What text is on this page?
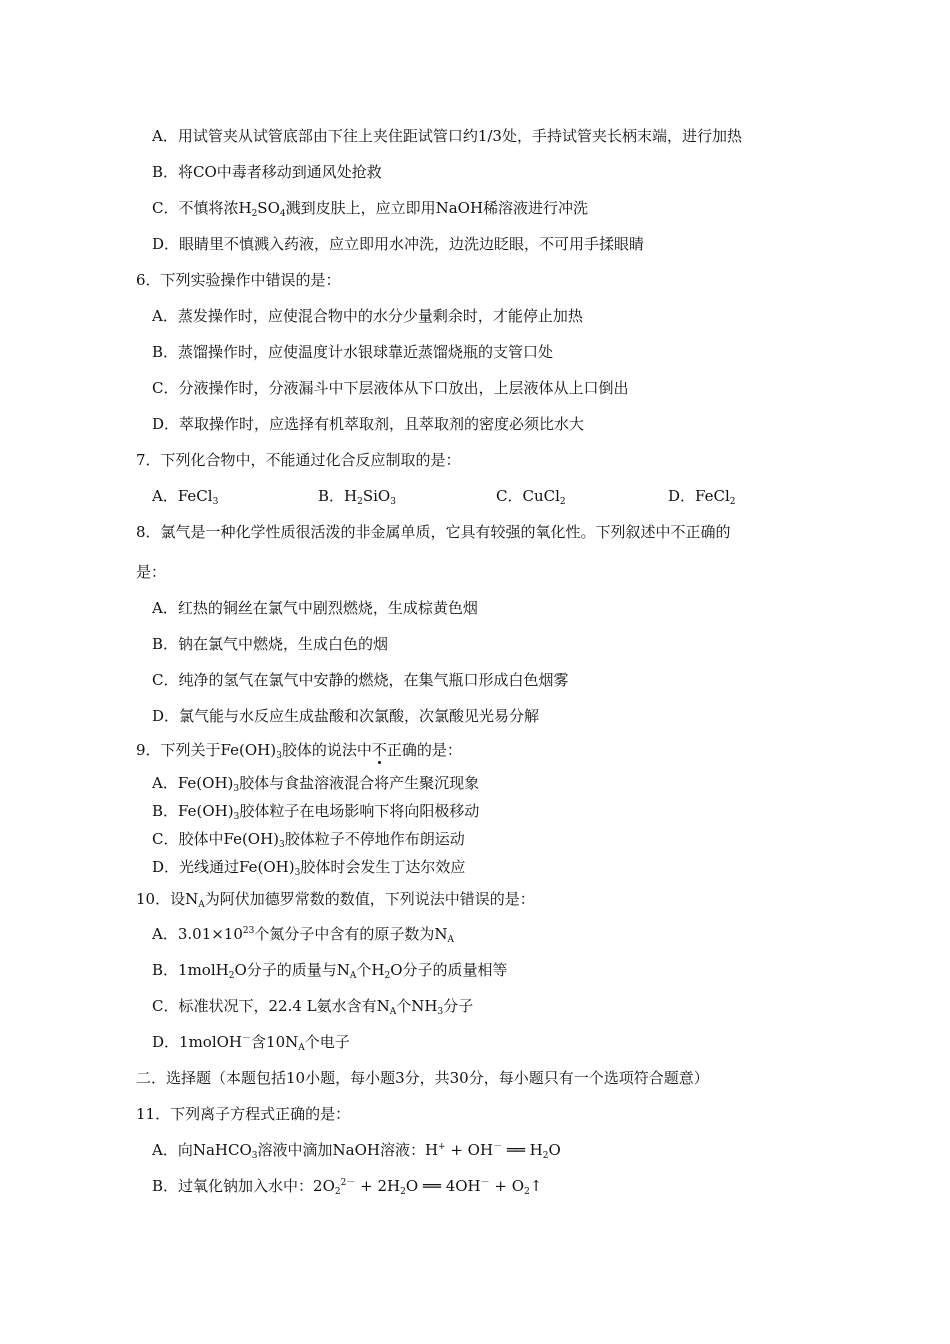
A．用试管夹从试管底部由下往上夹住距试管口约1/3处，手持试管夹长柄末端，进行加热
B．将CO中毒者移动到通风处抢救
C．不慎将浓$H_2SO_4$溅到皮肤上，应立即用NaOH稀溶液进行冲洗
D．眼睛里不慎溅入药液，应立即用水冲洗，边洗边眨眼，不可用手揉眼睛
6．下列实验操作中错误的是：
A．蒸发操作时，应使混合物中的水分少量剩余时，才能停止加热
B．蒸馏操作时，应使温度计水银球靠近蒸馏烧瓶的支管口处
C．分液操作时，分液漏斗中下层液体从下口放出，上层液体从上口倒出
D．萃取操作时，应选择有机萃取剂，且萃取剂的密度必须比水大
7．下列化合物中，不能通过化合反应制取的是：
A．FeCl$_3$	B．$H_2SiO_3$	C．CuCl$_2$	D．FeCl$_2$
8．氯气是一种化学性质很活泼的非金属单质，它具有较强的氧化性。下列叙述中不正确的
是：
A．红热的铜丝在氯气中剧烈燃烧，生成棕黄色烟
B．钠在氯气中燃烧，生成白色的烟
C．纯净的氢气在氯气中安静的燃烧，在集气瓶口形成白色烟雾
D．氯气能与水反应生成盐酸和次氯酸，次氯酸见光易分解
9．下列关于$Fe(OH)_3$胶体的说法中不正确的是：
A．$Fe(OH)_3$胶体与食盐溶液混合将产生聚沉现象
B．$Fe(OH)_3$胶体粒子在电场影响下将向阳极移动
C．胶体中$Fe(OH)_3$胶体粒子不停地作布朗运动
D．光线通过$Fe(OH)_3$胶体时会发生丁达尔效应
10．设$N_A$为阿伏加德罗常数的数值，下列说法中错误的是：
A．$3.01\times 10^{23}$个氮分子中含有的原子数为$N_A$
B．1molH$_2$O分子的质量与$N_A$个$H_2O$分子的质量相等
C．标准状况下，22.4 L氨水含有$N_A$个$NH_3$分子
D．1molOH－含$10N_A$个电子
二．选择题（本题包括10小题，每小题3分，共30分，每小题只有一个选项符合题意）
11．下列离子方程式正确的是：
A．向NaHCO$_3$溶液中滴加NaOH溶液：H+ + OH－ ══ $H_2O$
B．过氧化钠加入水中：$2O_2^{2-} + 2H_2O$ ══ $4OH^- + O_2↑$
